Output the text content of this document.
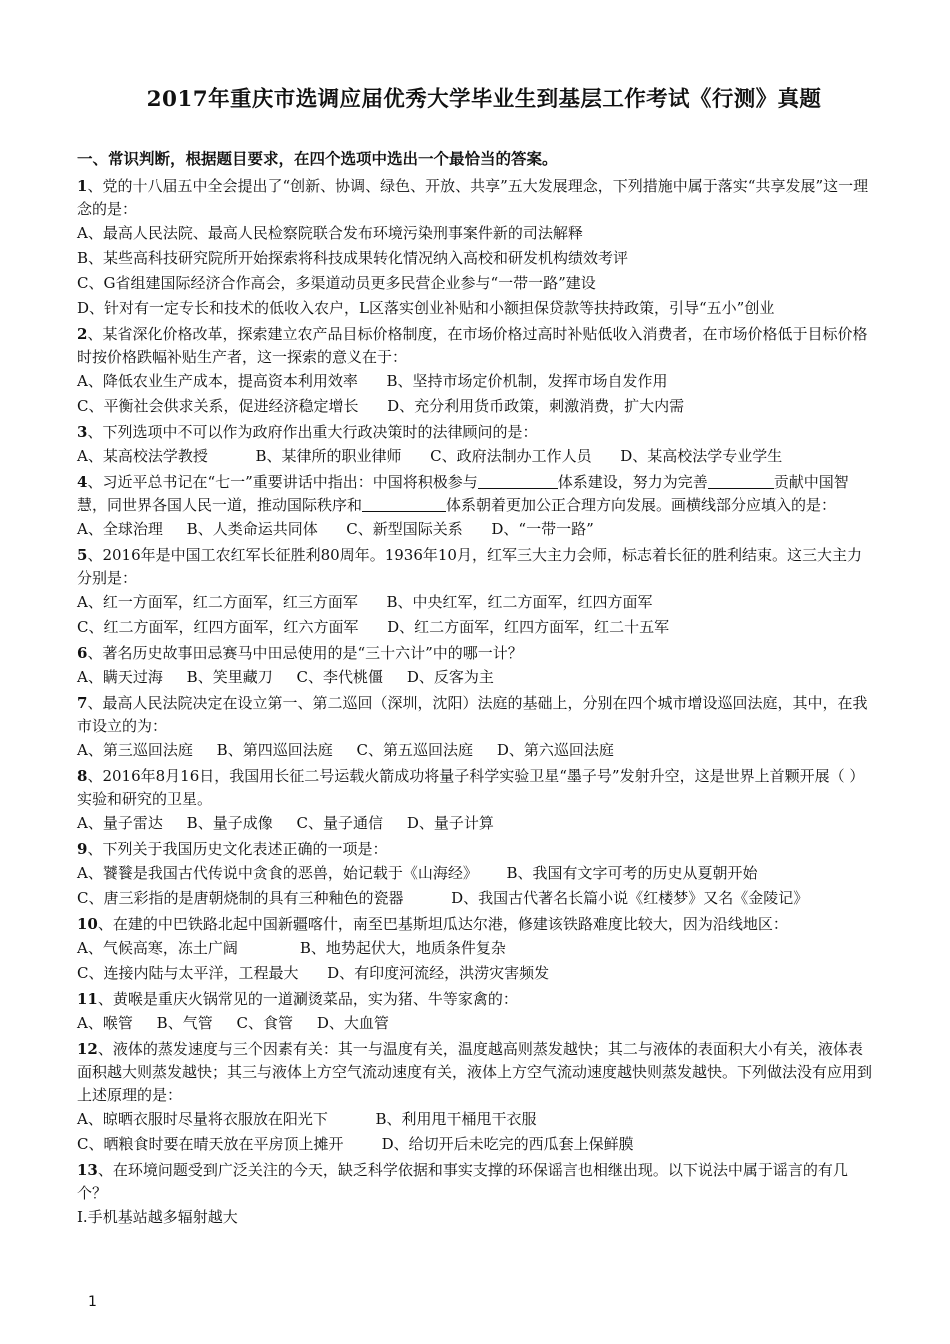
2017年重庆市选调应届优秀大学毕业生到基层工作考试《行测》真题
一、常识判断，根据题目要求，在四个选项中选出一个最恰当的答案。

1、党的十八届五中全会提出了“创新、协调、绿色、开放、共享”五大发展理念，下列措施中属于落实“共享发展”这一理念的是：

A、最高人民法院、最高人民检察院联合发布环境污染刑事案件新的司法解释
B、某些高科技研究院所开始探索将科技成果转化情况纳入高校和研发机构绩效考评
C、G省组建国际经济合作高会，多渠道动员更多民营企业参与“一带一路”建设
D、针对有一定专长和技术的低收入农户，L区落实创业补贴和小额担保贷款等扶持政策，引导“五小”创业

2、某省深化价格改革，探索建立农产品目标价格制度，在市场价格过高时补贴低收入消费者，在市场价格低于目标价格时按价格跌幅补贴生产者，这一探索的意义在于：

A、降低农业生产成本，提高资本利用效率      B、坚持市场定价机制，发挥市场自发作用
C、平衡社会供求关系，促进经济稳定增长      D、充分利用货币政策，刺激消费，扩大内需

3、下列选项中不可以作为政府作出重大行政决策时的法律顾问的是：

A、某高校法学教授          B、某律所的职业律师      C、政府法制办工作人员      D、某高校法学专业学生

4、习近平总书记在“七一”重要讲话中指出：中国将积极参与	体系建设，努力为完善	贡献中国智慧，同世界各国人民一道，推动国际秩序和	体系朝着更加公正合理方向发展。画横线部分应填入的是：

A、全球治理     B、人类命运共同体      C、新型国际关系      D、“一带一路”

5、2016年是中国工农红军长征胜利80周年。1936年10月，红军三大主力会师，标志着长征的胜利结束。这三大主力分别是：

A、红一方面军，红二方面军，红三方面军      B、中央红军，红二方面军，红四方面军
C、红二方面军，红四方面军，红六方面军      D、红二方面军，红四方面军，红二十五军

6、著名历史故事田忌赛马中田忌使用的是“三十六计”中的哪一计？

A、瞒天过海     B、笑里藏刀     C、李代桃僵     D、反客为主

7、最高人民法院决定在设立第一、第二巡回（深圳，沈阳）法庭的基础上，分别在四个城市增设巡回法庭，其中，在我市设立的为：

A、第三巡回法庭     B、第四巡回法庭     C、第五巡回法庭     D、第六巡回法庭

8、2016年8月16日，我国用长征二号运载火箭成功将量子科学实验卫星“墨子号”发射升空，这是世界上首颗开展（ ）实验和研究的卫星。

A、量子雷达     B、量子成像     C、量子通信     D、量子计算

9、下列关于我国历史文化表述正确的一项是：

A、饕餮是我国古代传说中贪食的恶兽，始记载于《山海经》      B、我国有文字可考的历史从夏朝开始
C、唐三彩指的是唐朝烧制的具有三种釉色的瓷器          D、我国古代著名长篇小说《红楼梦》又名《金陵记》

10、在建的中巴铁路北起中国新疆喀什，南至巴基斯坦瓜达尔港，修建该铁路难度比较大，因为沿线地区：

A、气候高寒，冻土广阔             B、地势起伏大，地质条件复杂
C、连接内陆与太平洋，工程最大      D、有印度河流经，洪涝灾害频发

11、黄喉是重庆火锅常见的一道涮烫菜品，实为猪、牛等家禽的：

A、喉管     B、气管     C、食管     D、大血管

12、液体的蒸发速度与三个因素有关：其一与温度有关，温度越高则蒸发越快；其二与液体的表面积大小有关，液体表面积越大则蒸发越快；其三与液体上方空气流动速度有关，液体上方空气流动速度越快则蒸发越快。下列做法没有应用到上述原理的是：

A、晾晒衣服时尽量将衣服放在阳光下          B、利用甩干桶甩干衣服
C、晒粮食时要在晴天放在平房顶上摊开        D、给切开后未吃完的西瓜套上保鲜膜

13、在环境问题受到广泛关注的今天，缺乏科学依据和事实支撑的环保谣言也相继出现。以下说法中属于谣言的有几个？

Ⅰ.手机基站越多辐射越大
1
